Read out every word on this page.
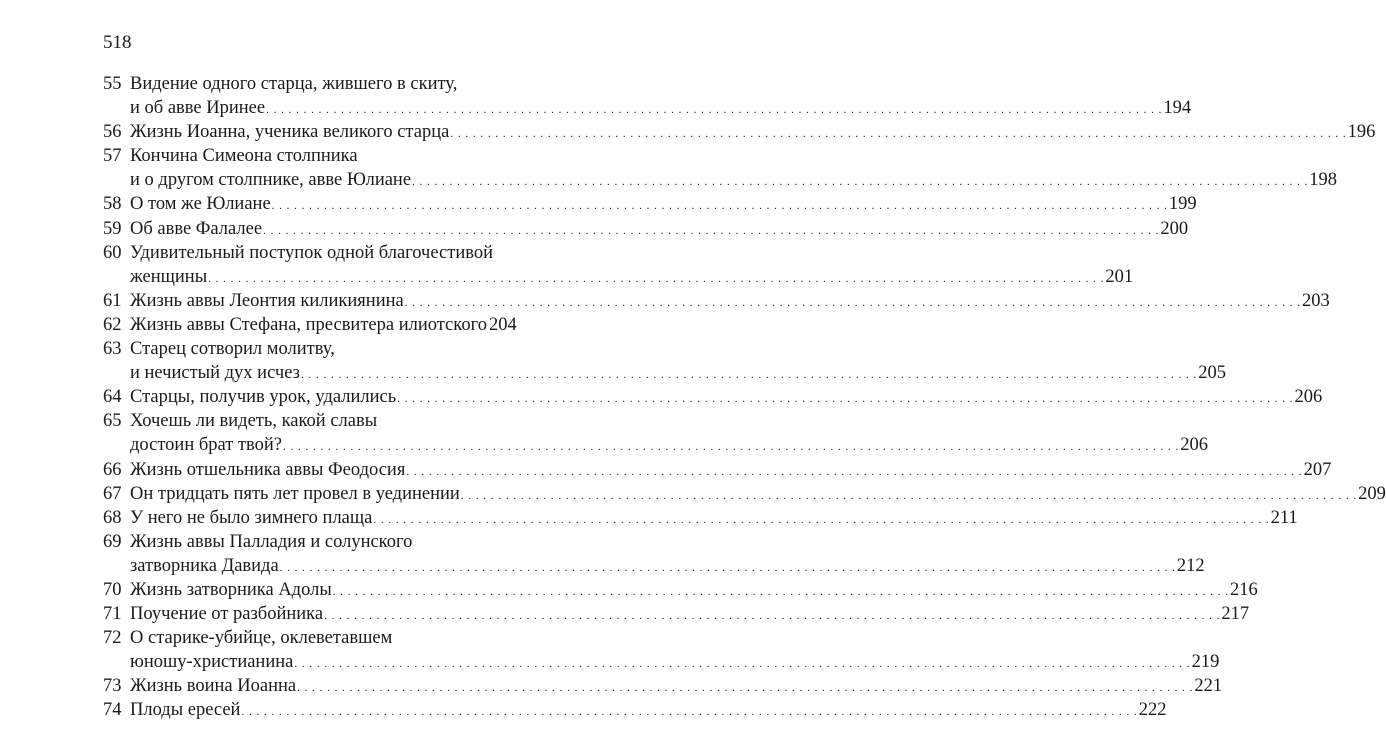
518
55 Видение одного старца, жившего в скиту,
и об авве Иринее . . . . . . . . . . . . . . . . . . . . . . . . . . . . . . . . . . . . . . . . . . . . . . . . . . . . . . . . . . . . . . . . . . . . . . . . . . . . . . . . . . . . . . . . . . . . . . . . . . . . . . . . . . . . . . . . . . . . . . . . 194
56 Жизнь Иоанна, ученика великого старца . . . . . . . . . . . . . . . . . . . . . . . . . . . . . . . . . . . . . . . . . . . . . . . . . . . . . . . . . . . . . . . . . . . . . . . . . . . . . . . . . . . . . . . . . . . . . . . . . . . . . . . . . . . . . . . . . . . . . . . . 196
57 Кончина Симеона столпника
и о другом столпнике, авве Юлиане . . . . . . . . . . . . . . . . . . . . . . . . . . . . . . . . . . . . . . . . . . . . . . . . . . . . . . . . . . . . . . . . . . . . . . . . . . . . . . . . . . . . . . . . . . . . . . . . . . . . . . . . . . . . . . . . . . . . . . . . 198
58 О том же Юлиане . . . . . . . . . . . . . . . . . . . . . . . . . . . . . . . . . . . . . . . . . . . . . . . . . . . . . . . . . . . . . . . . . . . . . . . . . . . . . . . . . . . . . . . . . . . . . . . . . . . . . . . . . . . . . . . . . . . . . . . . 199
59 Об авве Фалалее . . . . . . . . . . . . . . . . . . . . . . . . . . . . . . . . . . . . . . . . . . . . . . . . . . . . . . . . . . . . . . . . . . . . . . . . . . . . . . . . . . . . . . . . . . . . . . . . . . . . . . . . . . . . . . . . . . . . . . . . 200
60 Удивительный поступок одной благочестивой
женщины . . . . . . . . . . . . . . . . . . . . . . . . . . . . . . . . . . . . . . . . . . . . . . . . . . . . . . . . . . . . . . . . . . . . . . . . . . . . . . . . . . . . . . . . . . . . . . . . . . . . . . . . . . . . . . . . . . . . . . . . 201
61 Жизнь аввы Леонтия киликиянина . . . . . . . . . . . . . . . . . . . . . . . . . . . . . . . . . . . . . . . . . . . . . . . . . . . . . . . . . . . . . . . . . . . . . . . . . . . . . . . . . . . . . . . . . . . . . . . . . . . . . . . . . . . . . . . . . . . . . . . . 203
62 Жизнь аввы Стефана, пресвитера илиотского 204
63 Старец сотворил молитву,
и нечистый дух исчез . . . . . . . . . . . . . . . . . . . . . . . . . . . . . . . . . . . . . . . . . . . . . . . . . . . . . . . . . . . . . . . . . . . . . . . . . . . . . . . . . . . . . . . . . . . . . . . . . . . . . . . . . . . . . . . . . . . . . . . . 205
64 Старцы, получив урок, удалились . . . . . . . . . . . . . . . . . . . . . . . . . . . . . . . . . . . . . . . . . . . . . . . . . . . . . . . . . . . . . . . . . . . . . . . . . . . . . . . . . . . . . . . . . . . . . . . . . . . . . . . . . . . . . . . . . . . . . . . . 206
65 Хочешь ли видеть, какой славы
достоин брат твой? . . . . . . . . . . . . . . . . . . . . . . . . . . . . . . . . . . . . . . . . . . . . . . . . . . . . . . . . . . . . . . . . . . . . . . . . . . . . . . . . . . . . . . . . . . . . . . . . . . . . . . . . . . . . . . . . . . . . . . . . 206
66 Жизнь отшельника аввы Феодосия . . . . . . . . . . . . . . . . . . . . . . . . . . . . . . . . . . . . . . . . . . . . . . . . . . . . . . . . . . . . . . . . . . . . . . . . . . . . . . . . . . . . . . . . . . . . . . . . . . . . . . . . . . . . . . . . . . . . . . . . 207
67 Он тридцать пять лет провел в уединении . . . . . . . . . . . . . . . . . . . . . . . . . . . . . . . . . . . . . . . . . . . . . . . . . . . . . . . . . . . . . . . . . . . . . . . . . . . . . . . . . . . . . . . . . . . . . . . . . . . . . . . . . . . . . . . . . . . . . . . . 209
68 У него не было зимнего плаща . . . . . . . . . . . . . . . . . . . . . . . . . . . . . . . . . . . . . . . . . . . . . . . . . . . . . . . . . . . . . . . . . . . . . . . . . . . . . . . . . . . . . . . . . . . . . . . . . . . . . . . . . . . . . . . . . . . . . . . . 211
69 Жизнь аввы Палладия и солунского
затворника Давида . . . . . . . . . . . . . . . . . . . . . . . . . . . . . . . . . . . . . . . . . . . . . . . . . . . . . . . . . . . . . . . . . . . . . . . . . . . . . . . . . . . . . . . . . . . . . . . . . . . . . . . . . . . . . . . . . . . . . . . . 212
70 Жизнь затворника Адолы . . . . . . . . . . . . . . . . . . . . . . . . . . . . . . . . . . . . . . . . . . . . . . . . . . . . . . . . . . . . . . . . . . . . . . . . . . . . . . . . . . . . . . . . . . . . . . . . . . . . . . . . . . . . . . . . . . . . . . . . 216
71 Поучение от разбойника . . . . . . . . . . . . . . . . . . . . . . . . . . . . . . . . . . . . . . . . . . . . . . . . . . . . . . . . . . . . . . . . . . . . . . . . . . . . . . . . . . . . . . . . . . . . . . . . . . . . . . . . . . . . . . . . . . . . . . . . 217
72 О старике-убийце, оклеветавшем
юношу-христианина . . . . . . . . . . . . . . . . . . . . . . . . . . . . . . . . . . . . . . . . . . . . . . . . . . . . . . . . . . . . . . . . . . . . . . . . . . . . . . . . . . . . . . . . . . . . . . . . . . . . . . . . . . . . . . . . . . . . . . . . 219
73 Жизнь воина Иоанна . . . . . . . . . . . . . . . . . . . . . . . . . . . . . . . . . . . . . . . . . . . . . . . . . . . . . . . . . . . . . . . . . . . . . . . . . . . . . . . . . . . . . . . . . . . . . . . . . . . . . . . . . . . . . . . . . . . . . . . . 221
74 Плоды ересей . . . . . . . . . . . . . . . . . . . . . . . . . . . . . . . . . . . . . . . . . . . . . . . . . . . . . . . . . . . . . . . . . . . . . . . . . . . . . . . . . . . . . . . . . . . . . . . . . . . . . . . . . . . . . . . . . . . . . . . . 222
